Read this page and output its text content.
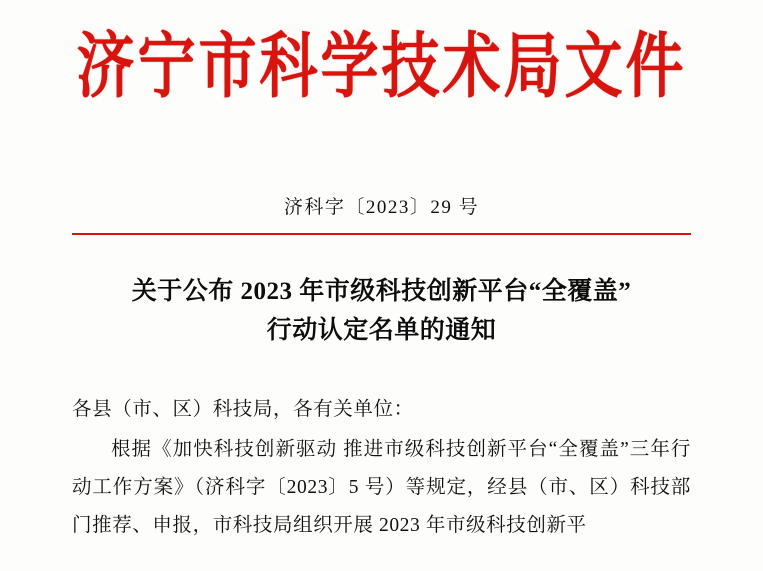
济宁市科学技术局文件
济科字〔2023〕29 号
关于公布 2023 年市级科技创新平台“全覆盖”
行动认定名单的通知

各县（市、区）科技局，各有关单位：

根据《加快科技创新驱动 推进市级科技创新平台“全覆盖”三年行动工作方案》（济科字〔2023〕5 号）等规定，经县（市、区）科技部门推荐、申报，市科技局组织开展 2023 年市级科技创新平
